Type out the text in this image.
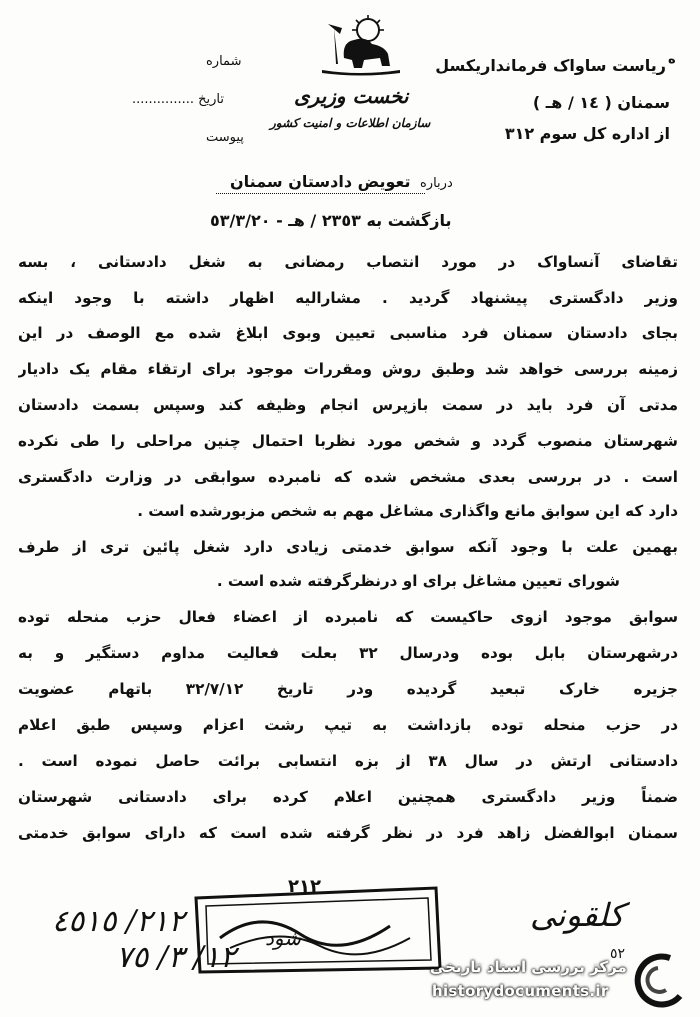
ه
ریاست ساواک فرمانداریکسل
سمنان ( ١٤ / هـ )
از اداره کل سوم ٣١٢
نخست وزیری
سازمان اطلاعات و امنیت کشور
شماره
تاریخ ...............
پیوست
درباره
تعویض دادستان سمنان
بازگشت به ٢٣٥٣ / هـ - ٥٣/٣/٢٠
تقاضای آنساواک در مورد انتصاب رمضانی به شغل دادستانی ، بسه
وزیر دادگستری پیشنهاد گردید . مشارالیه اظهار داشته با وجود اینکه
بجای دادستان سمنان فرد مناسبی تعیین وبوی ابلاغ شده مع الوصف در این
زمینه بررسی خواهد شد وطبق روش ومقررات موجود برای ارتقاء مقام یک دادیار
مدتی آن فرد باید در سمت بازپرس انجام وظیفه کند وسپس بسمت دادستان
شهرستان منصوب گردد و شخص مورد نظربا احتمال چنین مراحلی را طی نکرده
است . در بررسی بعدی مشخص شده که نامبرده سوابقی در وزارت دادگستری
دارد که این سوابق مانع واگذاری مشاغل مهم به شخص مزبورشده است .
بهمین علت با وجود آنکه سوابق خدمتی زیادی دارد شغل پائین تری از طرف
شورای تعیین مشاغل برای او درنظرگرفته شده است .
سوابق موجود ازوی حاکیست که نامبرده از اعضاء فعال حزب منحله توده
درشهرستان بابل بوده ودرسال ٣٢ بعلت فعالیت مداوم دستگیر و به
جزیره خارک تبعید گردیده ودر تاریخ ٣٢/٧/١٢ باتهام عضویت
در حزب منحله توده بازداشت به تیپ رشت اعزام وسپس طبق اعلام
دادستانی ارتش در سال ٣٨ از بزه انتسابی برائت حاصل نموده است .
ضمناً وزیر دادگستری همچنین اعلام کرده برای دادستانی شهرستان
سمنان ابوالفضل زاهد فرد در نظر گرفته شده است که دارای سوابق خدمتی
٢١٢
شود
٢١٢/ ٤٥١٥
١٢/ ٣/ ٧٥
کلقونی
٥٢
مرکز بررسی اسناد تاریخی
historydocuments.ir
